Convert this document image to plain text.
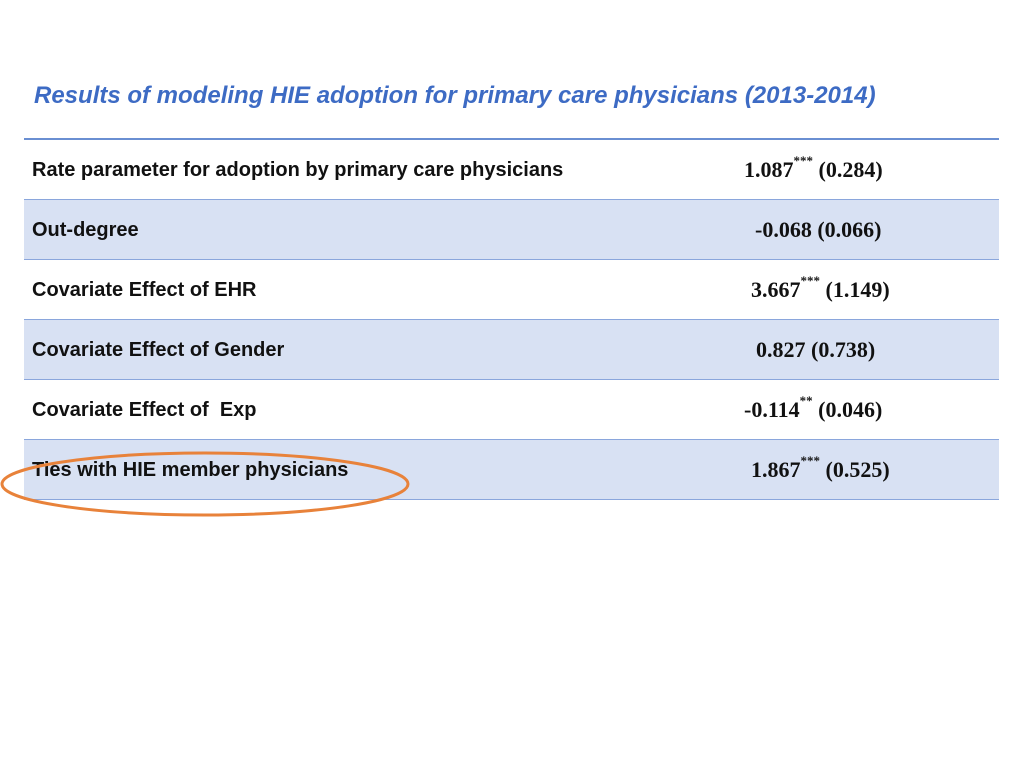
Results of modeling HIE adoption for primary care physicians (2013-2014)
Rate parameter for adoption by primary care physicians	1.087*** (0.284)
Out-degree	-0.068 (0.066)
Covariate Effect of EHR	3.667*** (1.149)
Covariate Effect of Gender	0.827 (0.738)
Covariate Effect of  Exp	-0.114** (0.046)
Ties with HIE member physicians	1.867*** (0.525)
